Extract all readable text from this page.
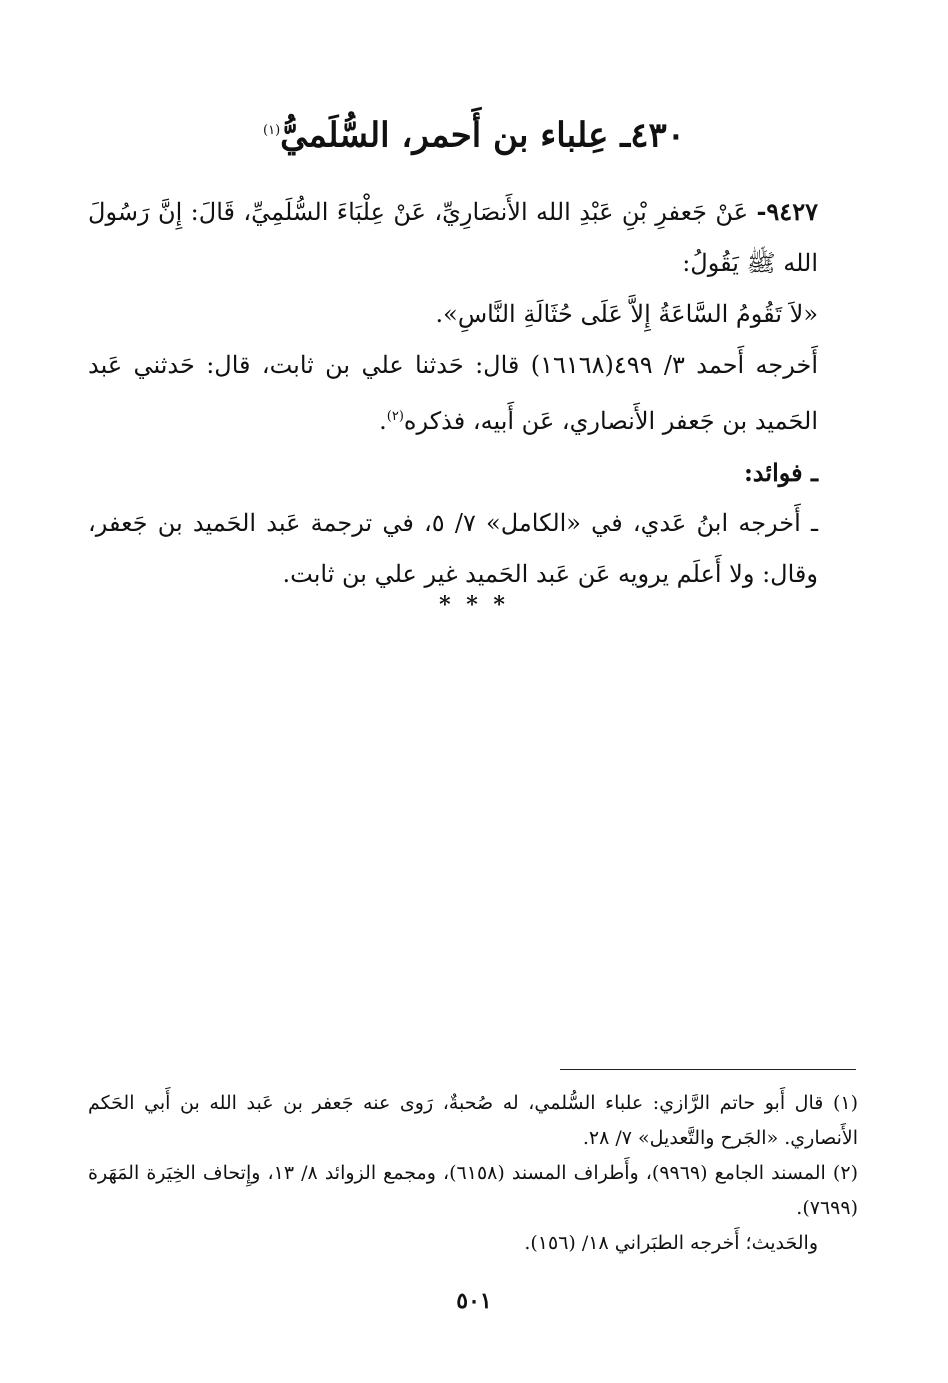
٤٣٠ـ عِلباء بن أَحمر، السُّلَميُّ$^{(١)}$

٩٤٢٧- عَنْ جَعفرِ بْنِ عَبْدِ الله الأَنصَارِيِّ، عَنْ عِلْبَاءَ السُّلَمِيِّ، قَالَ: إِنَّ رَسُولَ الله ﷺ يَقُولُ:

«لاَ تَقُومُ السَّاعَةُ إِلاَّ عَلَى حُثَالَةِ النَّاسِ».

أَخرجه أَحمد ٣/ ٤٩٩(١٦١٦٨) قال: حَدثنا علي بن ثابت، قال: حَدثني عَبد الحَميد بن جَعفر الأَنصاري، عَن أَبيه، فذكره$^{(٢)}$.

ـ فوائد:

ـ أَخرجه ابنُ عَدي، في «الكامل» ٧/ ٥، في ترجمة عَبد الحَميد بن جَعفر، وقال: ولا أَعلَم يرويه عَن عَبد الحَميد غير علي بن ثابت.

* * *

(١) قال أَبو حاتم الرَّازي: علباء السُّلمي، له صُحبةٌ، رَوى عنه جَعفر بن عَبد الله بن أَبي الحَكم الأَنصاري. «الجَرح والتَّعديل» ٧/ ٢٨.

(٢) المسند الجامع (٩٩٦٩)، وأَطراف المسند (٦١٥٨)، ومجمع الزوائد ٨/ ١٣، وإِتحاف الخِيَرة المَهَرة (٧٦٩٩).

والحَديث؛ أَخرجه الطبَراني ١٨/ (١٥٦).

٥٠١
